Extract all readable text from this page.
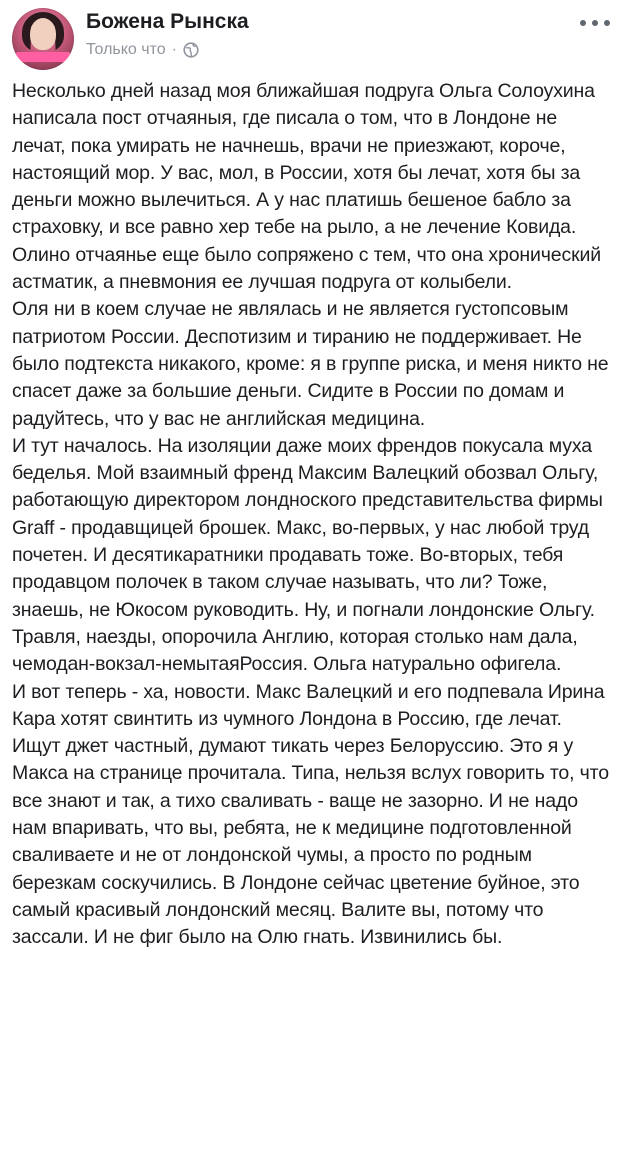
Божена Рынска
Только что ·
Несколько дней назад моя ближайшая подруга Ольга Солоухина написала пост отчаяныя, где писала о том, что в Лондоне не лечат, пока умирать не начнешь, врачи не приезжают, короче, настоящий мор. У вас, мол, в России, хотя бы лечат, хотя бы за деньги можно вылечиться. А у нас платишь бешеное бабло за страховку, и все равно хер тебе на рыло, а не лечение Ковида. Олино отчаянье еще было сопряжено с тем, что она хронический астматик, а пневмония ее лучшая подруга от колыбели.
Оля ни в коем случае не являлась и не является густопсовым патриотом России. Деспотизим и тиранию не поддерживает. Не было подтекста никакого, кроме: я в группе риска, и меня никто не спасет даже за большие деньги. Сидите в России по домам и радуйтесь, что у вас не английская медицина.
И тут началось. На изоляции даже моих френдов покусала муха беделья. Мой взаимный френд Максим Валецкий обозвал Ольгу, работающую директором лондноского представительства фирмы Graff - продавщицей брошек. Макс, во-первых, у нас любой труд почетен. И десятикаратники продавать тоже. Во-вторых, тебя продавцом полочек в таком случае называть, что ли? Тоже, знаешь, не Юкосом руководить. Ну, и погнали лондонские Ольгу. Травля, наезды, опорочила Англию, которая столько нам дала, чемодан-вокзал-немытаяРоссия. Ольга натурально офигела.
И вот теперь - ха, новости. Макс Валецкий и его подпевала Ирина Кара хотят свинтить из чумного Лондона в Россию, где лечат. Ищут джет частный, думают тикать через Белоруссию. Это я у Макса на странице прочитала. Типа, нельзя вслух говорить то, что все знают и так, а тихо сваливать - ваще не зазорно. И не надо нам впаривать, что вы, ребята, не к медицине подготовленной сваливаете и не от лондонской чумы, а просто по родным березкам соскучились. В Лондоне сейчас цветение буйное, это самый красивый лондонский месяц. Валите вы, потому что зассали. И не фиг было на Олю гнать. Извинились бы.
